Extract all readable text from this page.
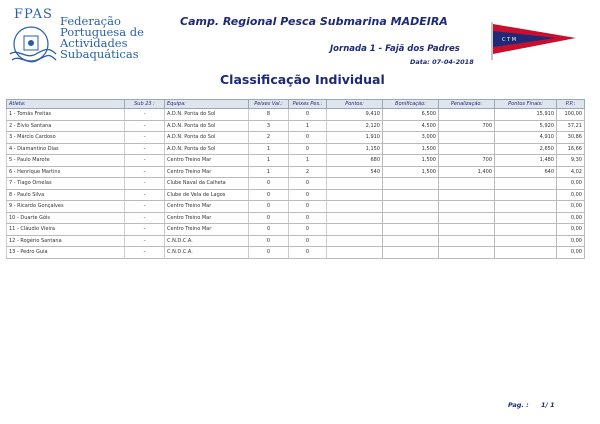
FPAS Federação
Portuguesa de
Actividades
Subaquáticas
Camp. Regional Pesca Submarina MADEIRA
Jornada 1 - Fajã dos Padres
Data: 07-04-2018
C T M
Classificação Individual
Atleta:	Sub 23 :	Equipa:	Peixes Val.:	Peixes Pes.:	Pontos:	Bonificação:	Penalização:	Pontos Finais:	P.P.:
1 - Tomás Freitas	-	A.D.N. Ponta do Sol	8	0	9,410	6,500		15,910	100,00
2 - Élvio Santana	-	A.D.N. Ponta do Sol	3	1	2,120	4,500	700	5,920	37,21
3 - Márcio Cardoso	-	A.D.N. Ponta do Sol	2	0	1,910	3,000		4,910	30,86
4 - Diamantino Dias	-	A.D.N. Ponta do Sol	1	0	1,150	1,500		2,650	16,66
5 - Paulo Marote	-	Centro Treino Mar	1	1	680	1,500	700	1,480	9,30
6 - Henrique Martins	-	Centro Treino Mar	1	2	540	1,500	1,400	640	4,02
7 - Tiago Ornelas	-	Clube Naval da Calheta	0	0					0,00
8 - Paulo Silva	-	Clube de Vela de Lagos	0	0					0,00
9 - Ricardo Gonçalves	-	Centro Treino Mar	0	0					0,00
10 - Duarte Góis	-	Centro Treino Mar	0	0					0,00
11 - Cláudio Vieira	-	Centro Treino Mar	0	0					0,00
12 - Rogério Santana	-	C.N.D.C.A.	0	0					0,00
13 - Pedro Guia	-	C.N.D.C.A.	0	0					0,00
Pag. : 1/ 1
